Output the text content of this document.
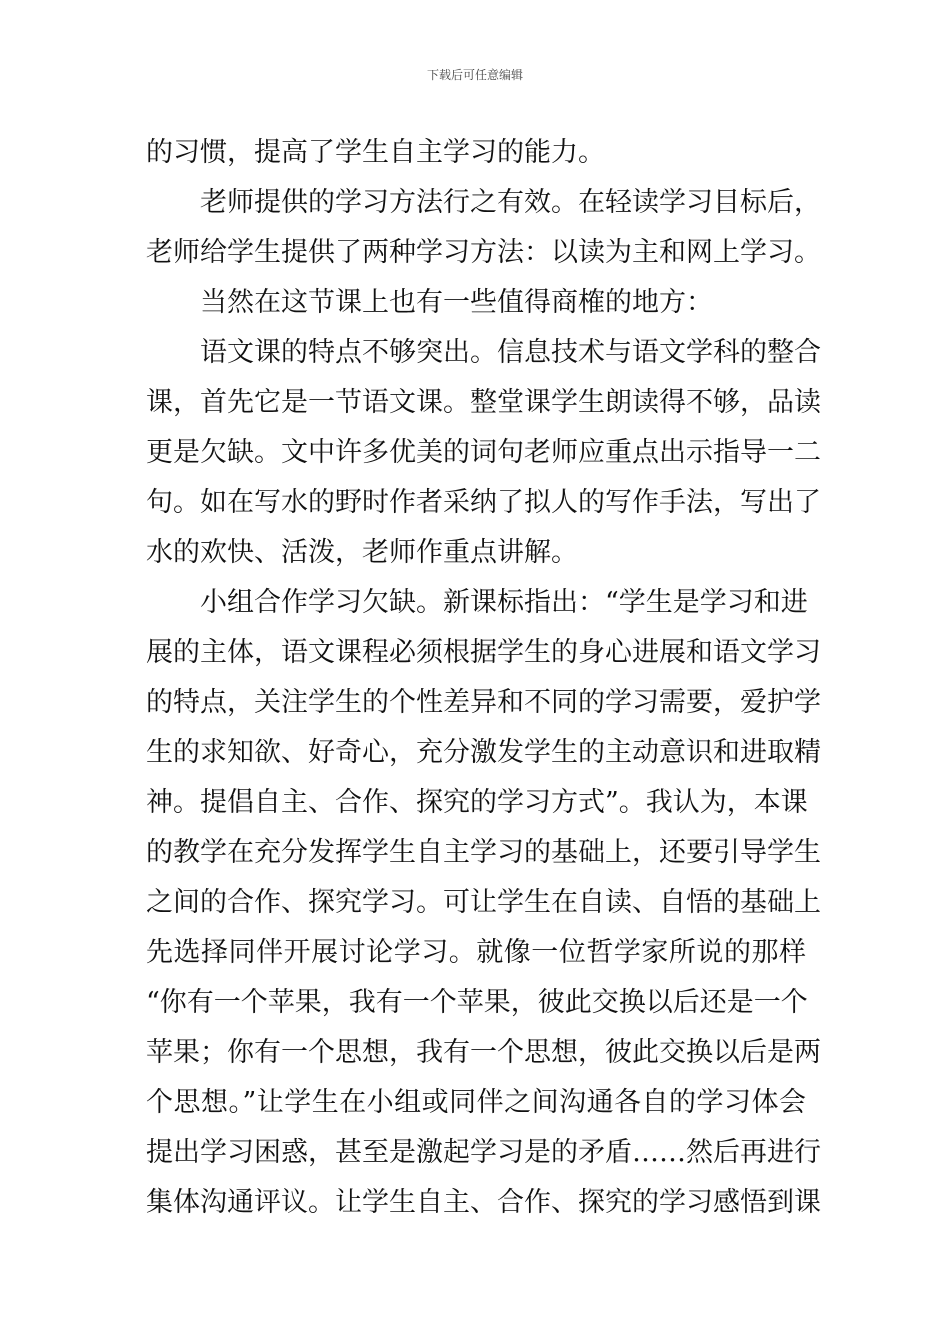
下载后可任意编辑
的习惯，提高了学生自主学习的能力。
老师提供的学习方法行之有效。在轻读学习目标后，
老师给学生提供了两种学习方法：以读为主和网上学习。
当然在这节课上也有一些值得商榷的地方：
语文课的特点不够突出。信息技术与语文学科的整合
课，首先它是一节语文课。整堂课学生朗读得不够，品读
更是欠缺。文中许多优美的词句老师应重点出示指导一二
句。如在写水的野时作者采纳了拟人的写作手法，写出了
水的欢快、活泼，老师作重点讲解。
小组合作学习欠缺。新课标指出：“学生是学习和进
展的主体，语文课程必须根据学生的身心进展和语文学习
的特点，关注学生的个性差异和不同的学习需要，爱护学
生的求知欲、好奇心，充分激发学生的主动意识和进取精
神。提倡自主、合作、探究的学习方式”。我认为，本课
的教学在充分发挥学生自主学习的基础上，还要引导学生
之间的合作、探究学习。可让学生在自读、自悟的基础上
先选择同伴开展讨论学习。就像一位哲学家所说的那样
“你有一个苹果，我有一个苹果，彼此交换以后还是一个
苹果；你有一个思想，我有一个思想，彼此交换以后是两
个思想。”让学生在小组或同伴之间沟通各自的学习体会
提出学习困惑，甚至是激起学习是的矛盾……然后再进行
集体沟通评议。让学生自主、合作、探究的学习感悟到课
